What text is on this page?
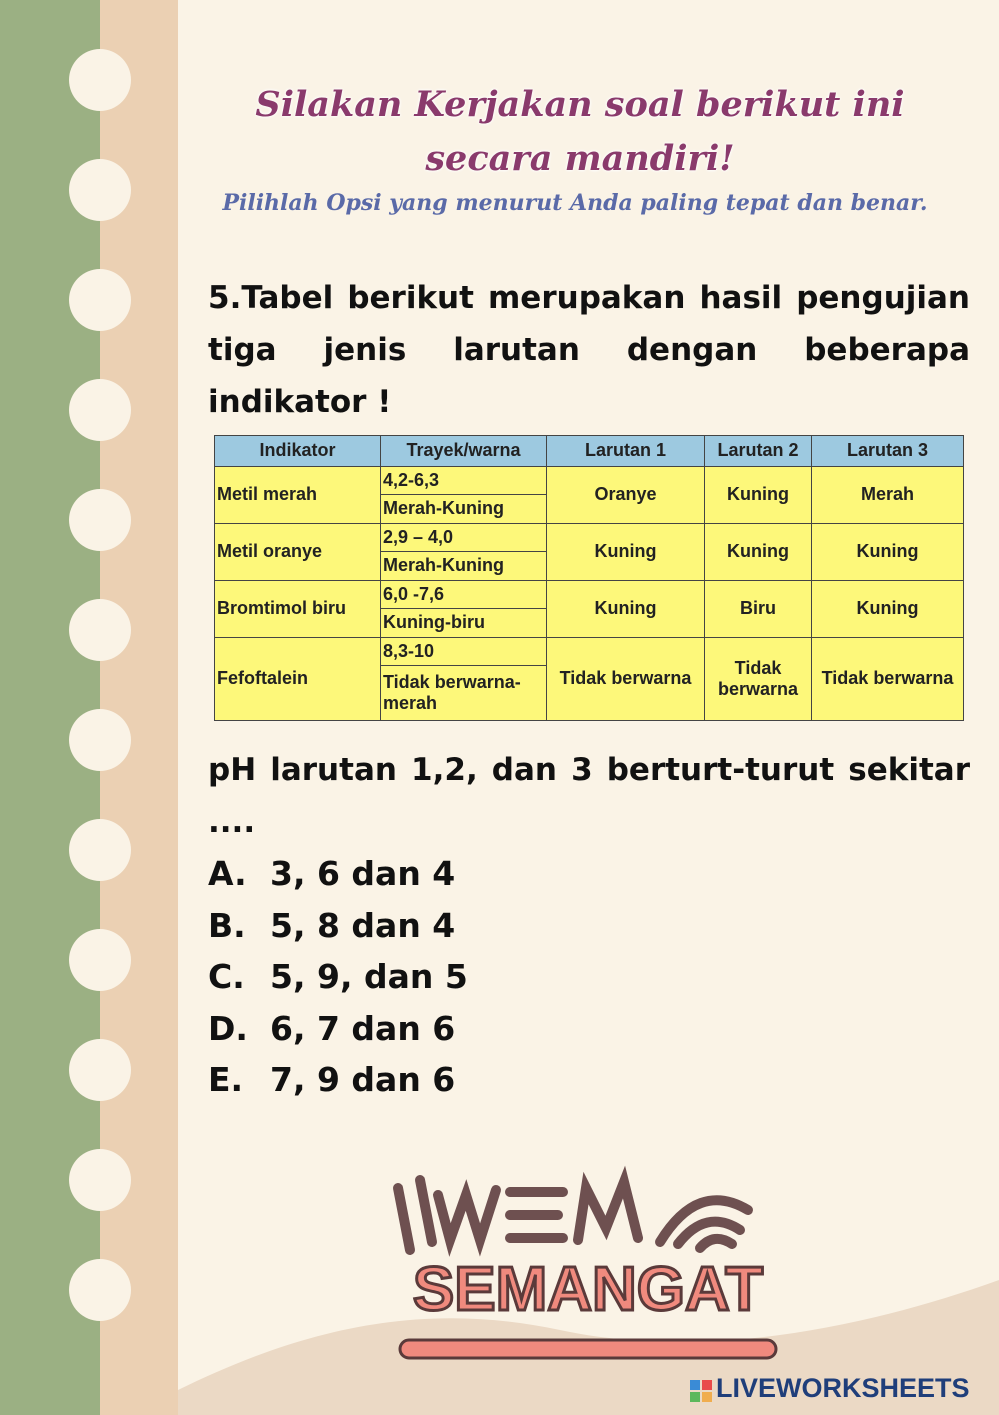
Silakan Kerjakan soal berikut ini secara mandiri!
Pilihlah Opsi yang menurut Anda paling tepat dan benar.
5.Tabel berikut merupakan hasil pengujian tiga jenis larutan dengan beberapa indikator !
Indikator	Trayek/warna	Larutan 1	Larutan 2	Larutan 3
Metil merah	4,2-6,3	Oranye	Kuning	Merah
	Merah-Kuning			
Metil oranye	2,9 – 4,0	Kuning	Kuning	Kuning
	Merah-Kuning			
Bromtimol biru	6,0 -7,6	Kuning	Biru	Kuning
	Kuning-biru			
Fefoftalein	8,3-10	Tidak berwarna	Tidak berwarna	Tidak berwarna
	Tidak berwarna-merah			
pH larutan 1,2, dan 3 berturt-turut sekitar ....
A. 3, 6 dan 4
B. 5, 8 dan 4
C. 5, 9, dan 5
D. 6, 7 dan 6
E. 7, 9 dan 6
SEMANGAT
LIVEWORKSHEETS
